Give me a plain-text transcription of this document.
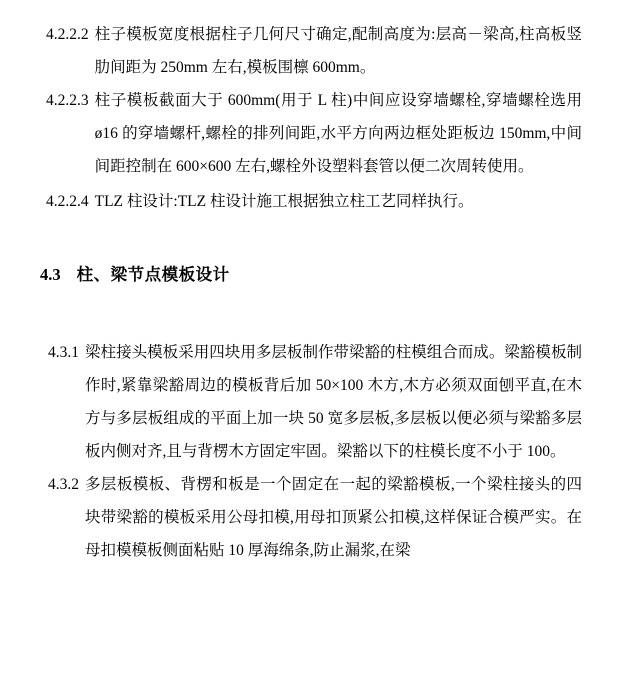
4.2.2.2 柱子模板宽度根据柱子几何尺寸确定,配制高度为:层高－梁高,柱高板竖肋间距为 250mm 左右,模板围檩 600mm。
4.2.2.3 柱子模板截面大于 600mm(用于 L 柱)中间应设穿墙螺栓,穿墙螺栓选用 ø16 的穿墙螺杆,螺栓的排列间距,水平方向两边框处距板边 150mm,中间间距控制在 600×600 左右,螺栓外设塑料套管以便二次周转使用。
4.2.2.4 TLZ 柱设计:TLZ 柱设计施工根据独立柱工艺同样执行。
4.3 柱、梁节点模板设计
4.3.1 梁柱接头模板采用四块用多层板制作带梁豁的柱模组合而成。梁豁模板制作时,紧靠梁豁周边的模板背后加 50×100 木方,木方必须双面刨平直,在木方与多层板组成的平面上加一块 50 宽多层板,多层板以便必须与梁豁多层板内侧对齐,且与背楞木方固定牢固。梁豁以下的柱模长度不小于 100。
4.3.2 多层板模板、背楞和板是一个固定在一起的梁豁模板,一个梁柱接头的四块带梁豁的模板采用公母扣模,用母扣顶紧公扣模,这样保证合模严实。在母扣模模板侧面粘贴 10 厚海绵条,防止漏浆,在梁
